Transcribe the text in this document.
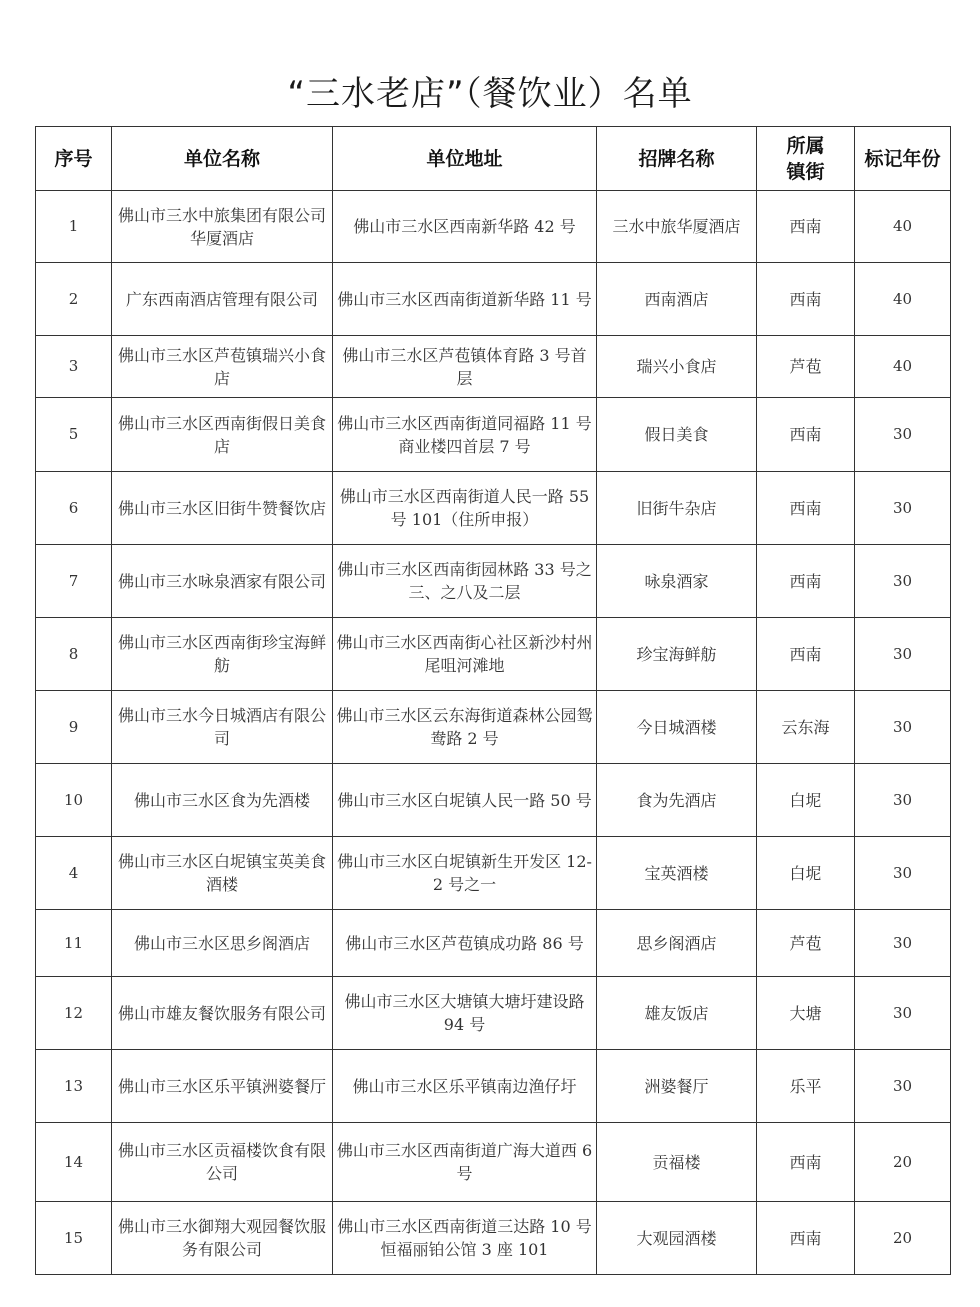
“三水老店”（餐饮业）名单
序号	单位名称	单位地址	招牌名称	所属镇街	标记年份
1	佛山市三水中旅集团有限公司华厦酒店	佛山市三水区西南新华路 42 号	三水中旅华厦酒店	西南	40
2	广东西南酒店管理有限公司	佛山市三水区西南街道新华路 11 号	西南酒店	西南	40
3	佛山市三水区芦苞镇瑞兴小食店	佛山市三水区芦苞镇体育路 3 号首层	瑞兴小食店	芦苞	40
5	佛山市三水区西南街假日美食店	佛山市三水区西南街道同福路 11 号商业楼四首层 7 号	假日美食	西南	30
6	佛山市三水区旧街牛赞餐饮店	佛山市三水区西南街道人民一路 55 号 101（住所申报）	旧街牛杂店	西南	30
7	佛山市三水咏泉酒家有限公司	佛山市三水区西南街园林路 33 号之三、之八及二层	咏泉酒家	西南	30
8	佛山市三水区西南街珍宝海鲜舫	佛山市三水区西南街心社区新沙村州尾咀河滩地	珍宝海鲜舫	西南	30
9	佛山市三水今日城酒店有限公司	佛山市三水区云东海街道森林公园鸳鸯路 2 号	今日城酒楼	云东海	30
10	佛山市三水区食为先酒楼	佛山市三水区白坭镇人民一路 50 号	食为先酒店	白坭	30
4	佛山市三水区白坭镇宝英美食酒楼	佛山市三水区白坭镇新生开发区 12-2 号之一	宝英酒楼	白坭	30
11	佛山市三水区思乡阁酒店	佛山市三水区芦苞镇成功路 86 号	思乡阁酒店	芦苞	30
12	佛山市雄友餐饮服务有限公司	佛山市三水区大塘镇大塘圩建设路 94 号	雄友饭店	大塘	30
13	佛山市三水区乐平镇洲婆餐厅	佛山市三水区乐平镇南边渔仔圩	洲婆餐厅	乐平	30
14	佛山市三水区贡福楼饮食有限公司	佛山市三水区西南街道广海大道西 6 号	贡福楼	西南	20
15	佛山市三水御翔大观园餐饮服务有限公司	佛山市三水区西南街道三达路 10 号恒福丽铂公馆 3 座 101	大观园酒楼	西南	20
